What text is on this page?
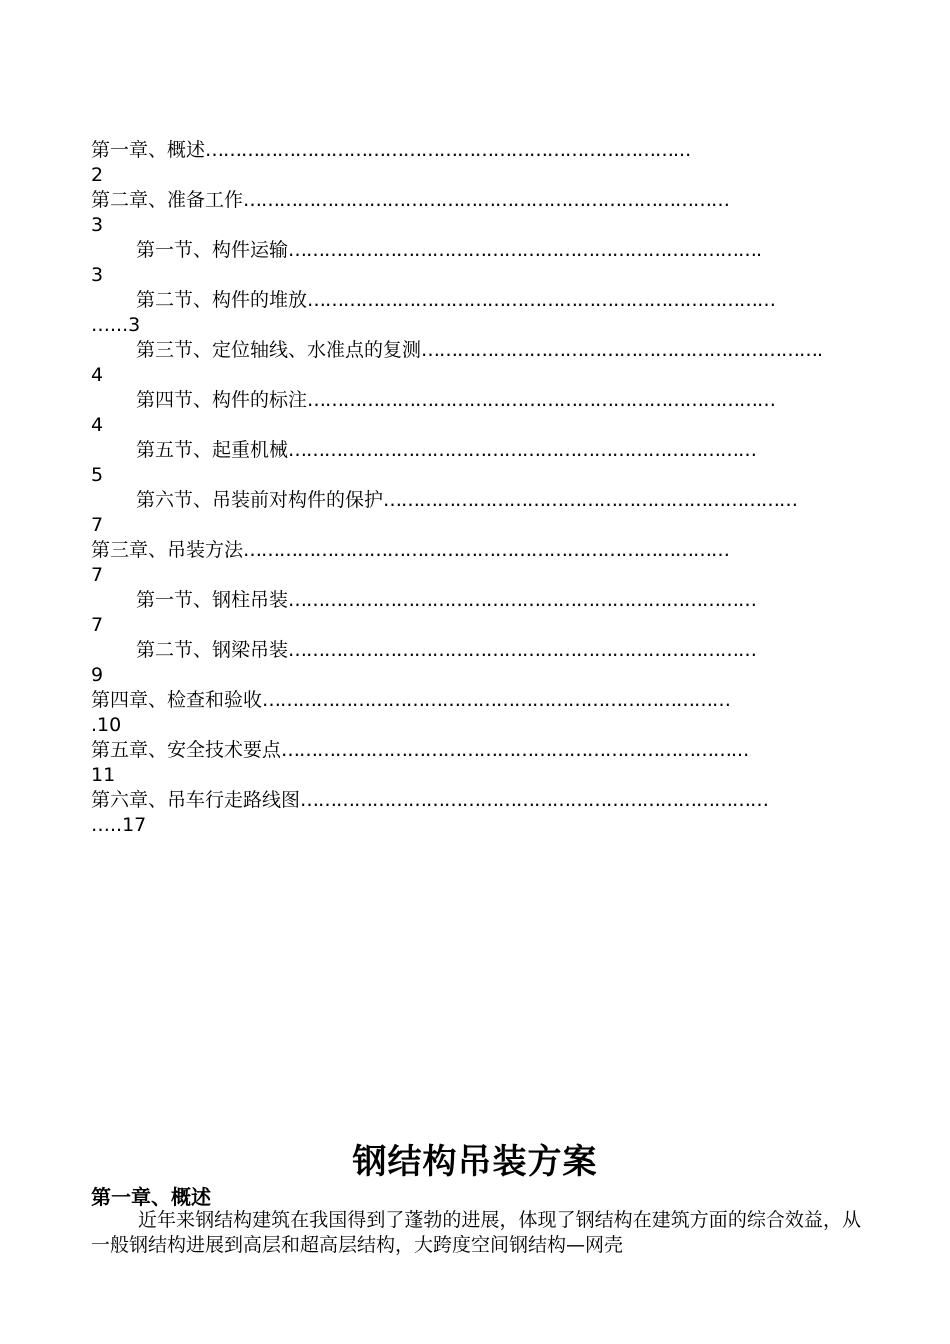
第一章、概述……………………………………………………………………...
2
第二章、准备工作………………………………………………………………………
3
第一节、构件运输…………………………………………………………………….
3
第二节、构件的堆放……………………………………………………………………
…...3
第三节、定位轴线、水准点的复测………………………………………………………….
4
第四节、构件的标注……………………………………………………………………
4
第五节、起重机械……………………………………………………………………
5
第六节、吊装前对构件的保护……………………………………………………………
7
第三章、吊装方法………………………………………………………………………
7
第一节、钢柱吊装……………………………………………………………………
7
第二节、钢梁吊装……………………………………………………………………
9
第四章、检查和验收……………………………………………………………………
.10
第五章、安全技术要点…………………………………………………………………...
11
第六章、吊车行走路线图……………………………………………………………………
…..17
钢结构吊装方案
第一章、概述
近年来钢结构建筑在我国得到了蓬勃的进展，体现了钢结构在建筑方面的综合效益，从一般钢结构进展到高层和超高层结构，大跨度空间钢结构—网壳
